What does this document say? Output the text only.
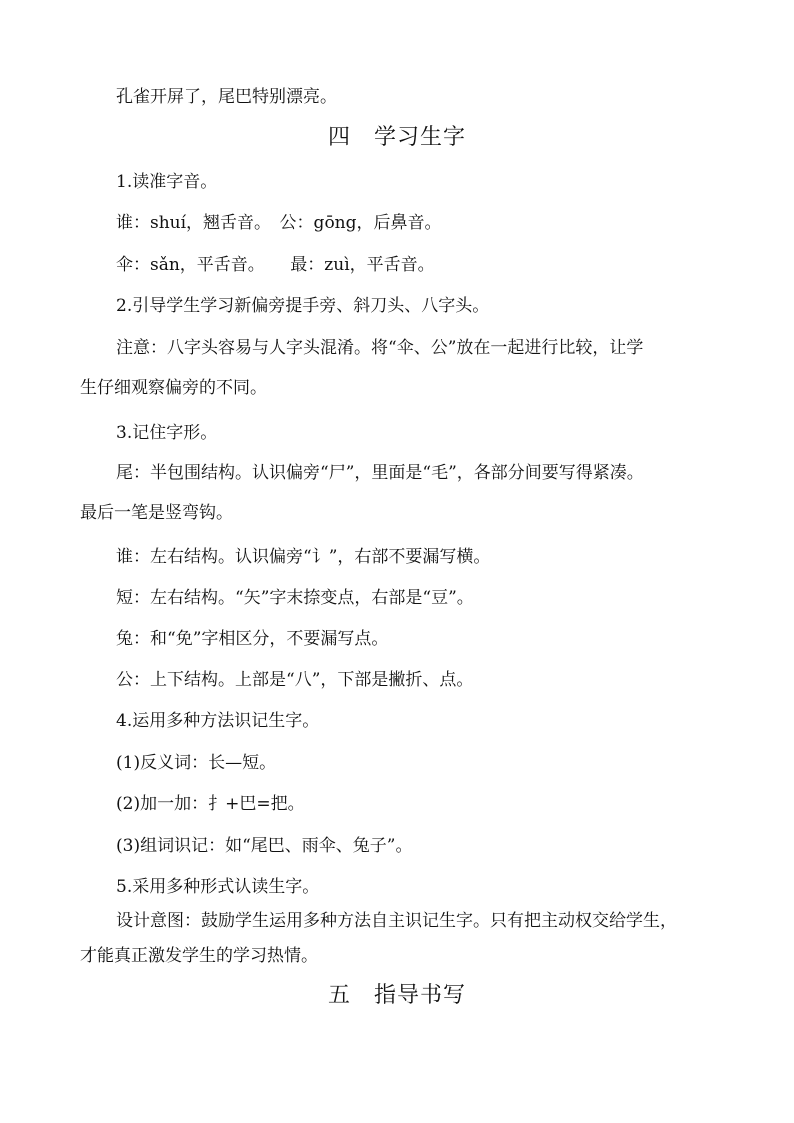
孔雀开屏了，尾巴特别漂亮。
四　学习生字
1.读准字音。
谁：shuí，翘舌音。　公：gōng，后鼻音。
伞：sǎn，平舌音。　　最：zuì，平舌音。
2.引导学生学习新偏旁提手旁、斜刀头、八字头。
注意：八字头容易与人字头混淆。将“伞、公”放在一起进行比较，让学
生仔细观察偏旁的不同。
3.记住字形。
尾：半包围结构。认识偏旁“尸”，里面是“毛”，各部分间要写得紧凑。
最后一笔是竖弯钩。
谁：左右结构。认识偏旁“讠”，右部不要漏写横。
短：左右结构。“矢”字末捺变点，右部是“豆”。
兔：和“免”字相区分，不要漏写点。
公：上下结构。上部是“八”，下部是撇折、点。
4.运用多种方法识记生字。
(1)反义词：长—短。
(2)加一加：扌+巴=把。
(3)组词识记：如“尾巴、雨伞、兔子”。
5.采用多种形式认读生字。
设计意图：鼓励学生运用多种方法自主识记生字。只有把主动权交给学生，
才能真正激发学生的学习热情。
五　指导书写
